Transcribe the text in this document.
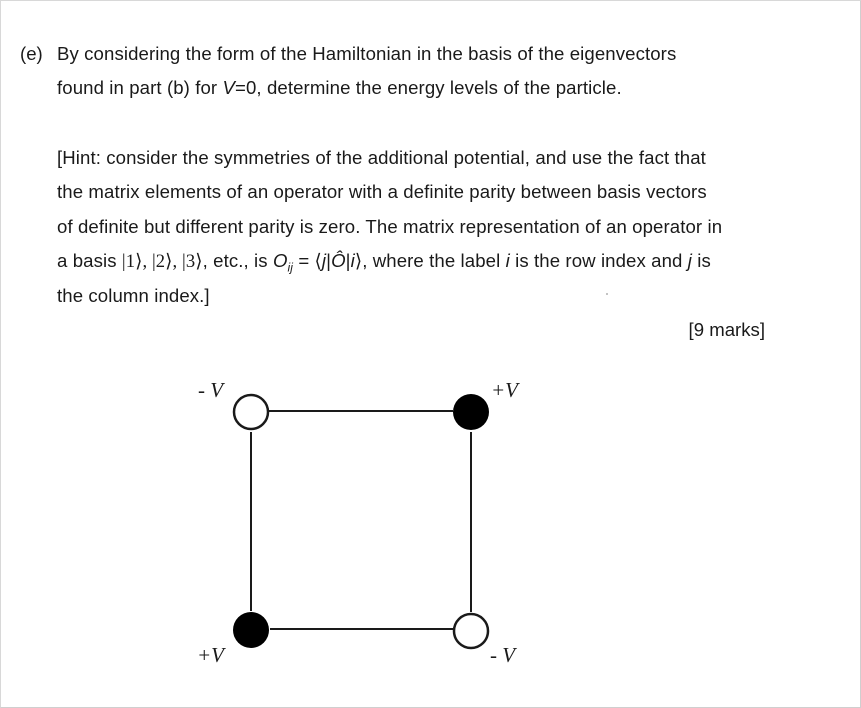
(e) By considering the form of the Hamiltonian in the basis of the eigenvectors
found in part (b) for V=0, determine the energy levels of the particle.
[Hint: consider the symmetries of the additional potential, and use the fact that
the matrix elements of an operator with a definite parity between basis vectors
of definite but different parity is zero. The matrix representation of an operator in
a basis |1⟩, |2⟩, |3⟩, etc., is $O_{ij}$ = ⟨j|Ô|i⟩, where the label i is the row index and j is
the column index.]
[9 marks]
- V	+V
+V	- V
